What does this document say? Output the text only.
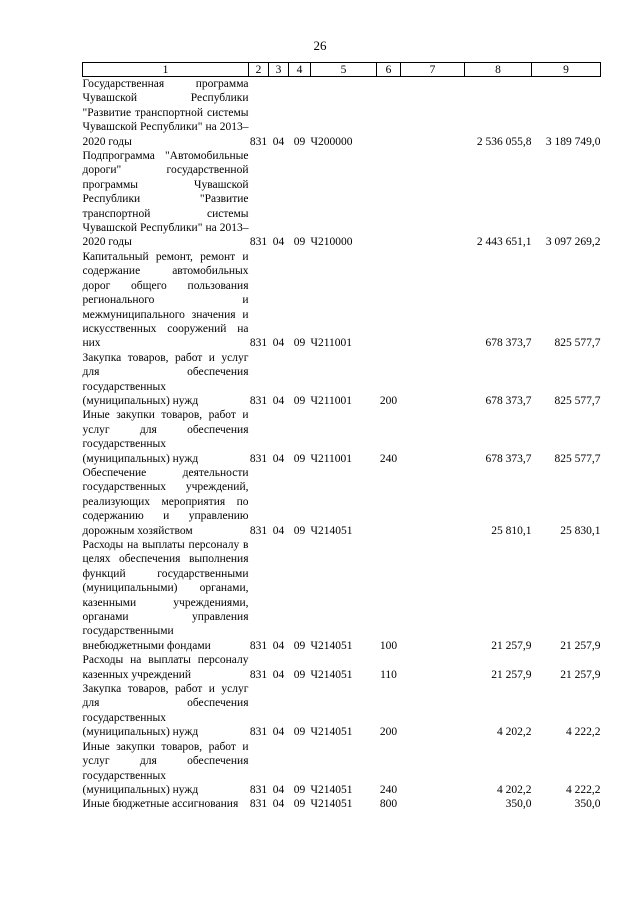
26
1	2	3	4	5	6	7	8	9
Государственная программа Чувашской Республики "Развитие транспортной системы Чувашской Республики" на 2013–2020 годы	831	04	09	Ч200000			2 536 055,8	3 189 749,0
Подпрограмма "Автомобильные дороги" государственной программы Чувашской Республики "Развитие транспортной системы Чувашской Республики" на 2013–2020 годы	831	04	09	Ч210000			2 443 651,1	3 097 269,2
Капитальный ремонт, ремонт и содержание автомобильных дорог общего пользования регионального и межмуниципального значения и искусственных сооружений на них	831	04	09	Ч211001			678 373,7	825 577,7
Закупка товаров, работ и услуг для обеспечения государственных (муниципальных) нужд	831	04	09	Ч211001	200		678 373,7	825 577,7
Иные закупки товаров, работ и услуг для обеспечения государственных (муниципальных) нужд	831	04	09	Ч211001	240		678 373,7	825 577,7
Обеспечение деятельности государственных учреждений, реализующих мероприятия по содержанию и управлению дорожным хозяйством	831	04	09	Ч214051			25 810,1	25 830,1
Расходы на выплаты персоналу в целях обеспечения выполнения функций государственными (муниципальными) органами, казенными учреждениями, органами управления государственными внебюджетными фондами	831	04	09	Ч214051	100		21 257,9	21 257,9
Расходы на выплаты персоналу казенных учреждений	831	04	09	Ч214051	110		21 257,9	21 257,9
Закупка товаров, работ и услуг для обеспечения государственных (муниципальных) нужд	831	04	09	Ч214051	200		4 202,2	4 222,2
Иные закупки товаров, работ и услуг для обеспечения государственных (муниципальных) нужд	831	04	09	Ч214051	240		4 202,2	4 222,2
Иные бюджетные ассигнования	831	04	09	Ч214051	800		350,0	350,0
